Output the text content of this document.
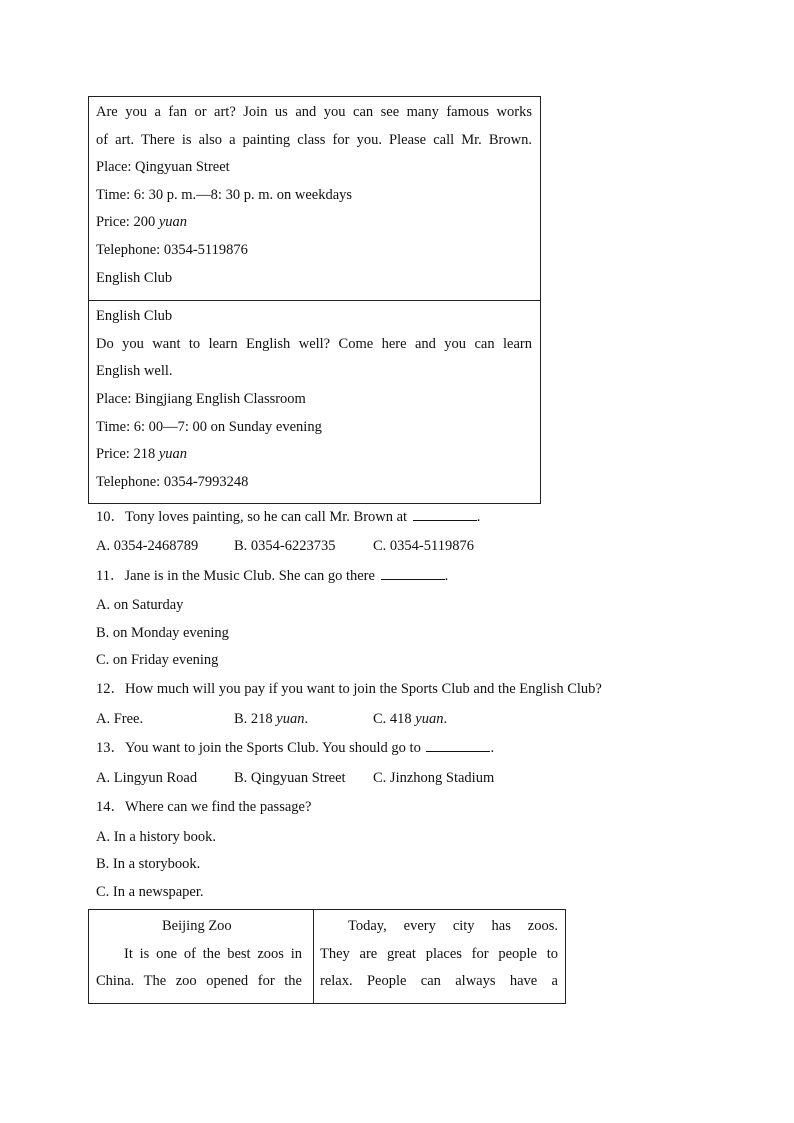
Are you a fan or art? Join us and you can see many famous works
of art. There is also a painting class for you. Please call Mr. Brown.
Place: Qingyuan Street
Time: 6: 30 p. m.—8: 30 p. m. on weekdays
Price: 200 yuan
Telephone: 0354-5119876
English Club
English Club
Do you want to learn English well? Come here and you can learn
English well.
Place: Bingjiang English Classroom
Time: 6: 00—7: 00 on Sunday evening
Price: 218 yuan
Telephone: 0354-7993248
10．Tony loves painting, so he can call Mr. Brown at	.
A. 0354-2468789 B. 0354-6223735	C. 0354-5119876
11．Jane is in the Music Club. She can go there	.
A. on Saturday
B. on Monday evening
C. on Friday evening
12．How much will you pay if you want to join the Sports Club and the English Club?
A. Free.	B. 218 yuan.	C. 418 yuan.
13．You want to join the Sports Club. You should go to	.
A. Lingyun Road	B. Qingyuan Street C. Jinzhong Stadium
14．Where can we find the passage?
A. In a history book.
B. In a storybook.
C. In a newspaper.
Beijing Zoo
It is one of the best zoos in
China. The zoo opened for the
Today, every city has zoos.
They are great places for people to
relax. People can always have a
